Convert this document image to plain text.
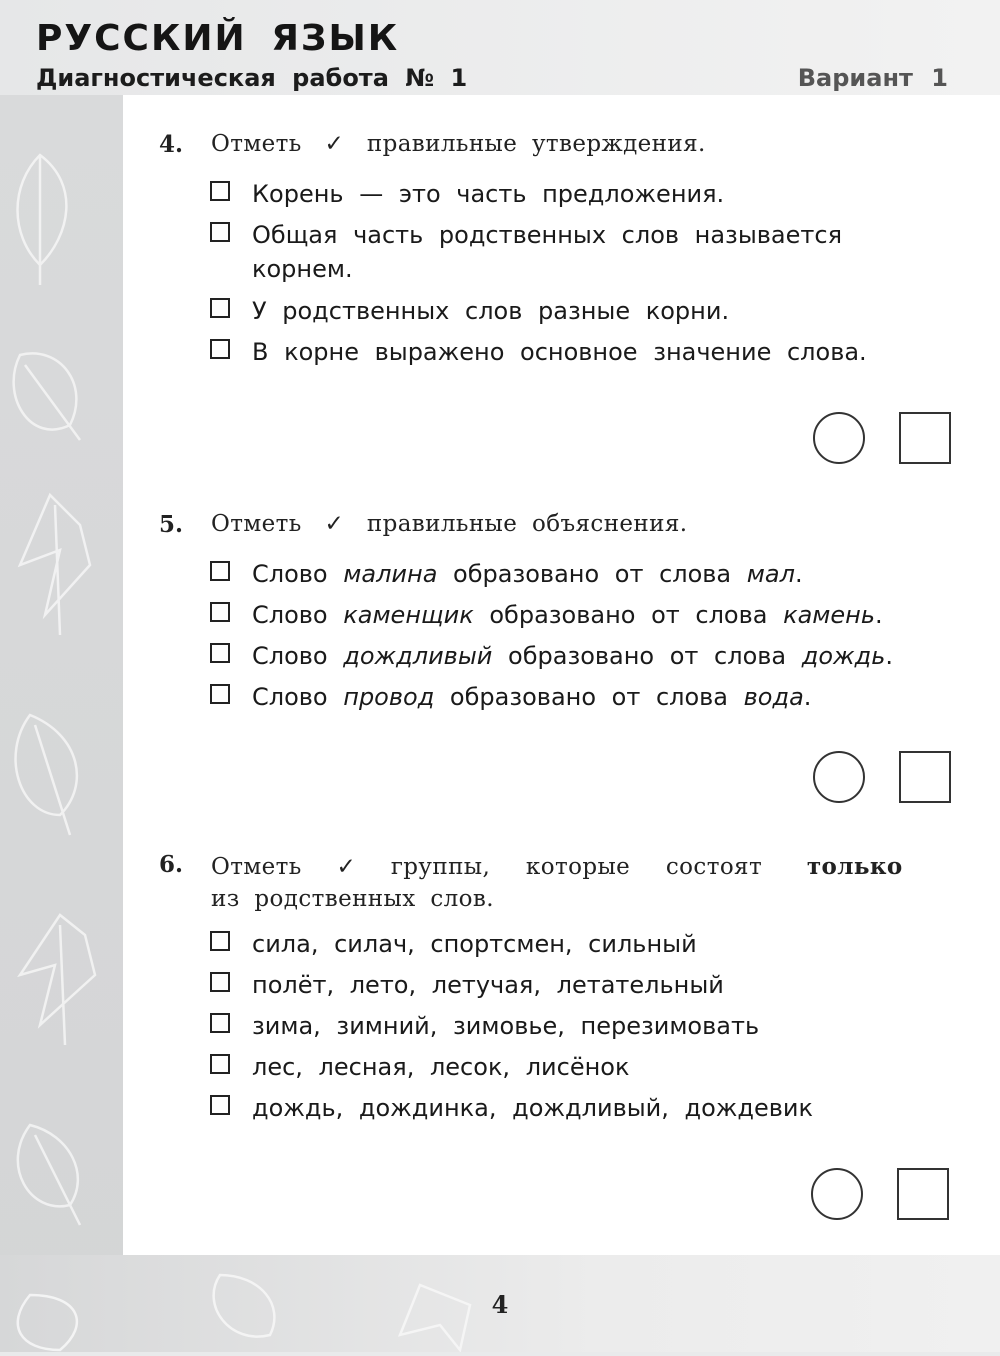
РУССКИЙ ЯЗЫК
Диагностическая работа № 1	Вариант 1
4.	Отметь ✓ правильные утверждения.
Корень — это часть предложения.
Общая часть родственных слов называется
корнем.
У родственных слов разные корни.
В корне выражено основное значение слова.
5.	Отметь ✓ правильные объяснения.
Слово малина образовано от слова мал.
Слово каменщик образовано от слова камень.
Слово дождливый образовано от слова дождь.
Слово провод образовано от слова вода.
6.	Отметь ✓ группы, которые состоят только
из родственных слов.
сила, силач, спортсмен, сильный
полёт, лето, летучая, летательный
зима, зимний, зимовье, перезимовать
лес, лесная, лесок, лисёнок
дождь, дождинка, дождливый, дождевик
4
